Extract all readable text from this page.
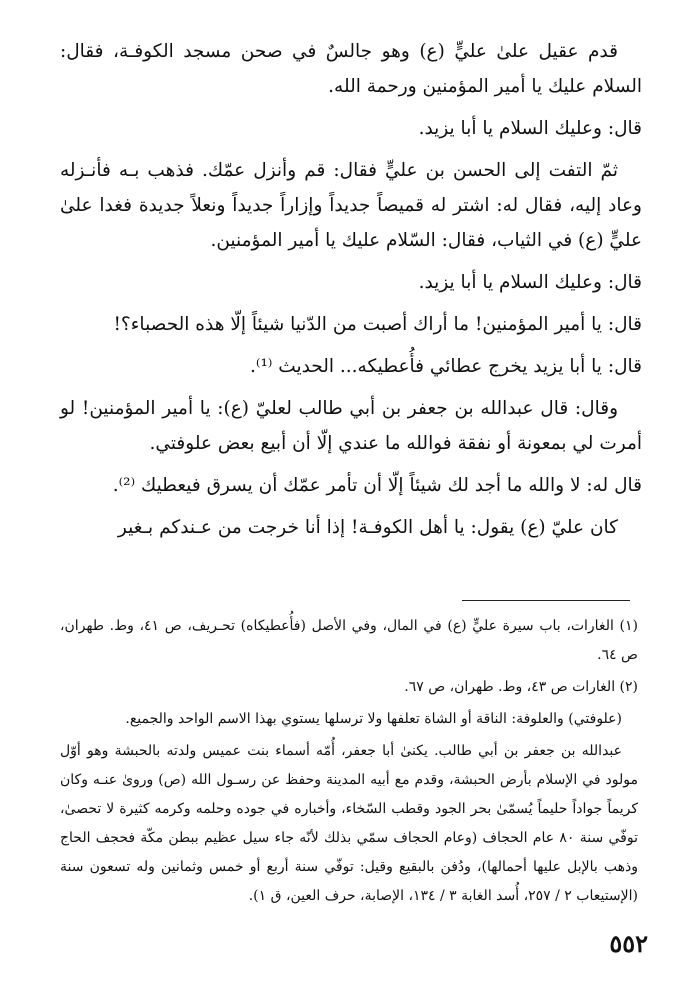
قدم عقيل علىٰ عليٍّ (ع) وهو جالسٌ في صحن مسجد الكوفـة، فقال: السلام عليك يا أمير المؤمنين ورحمة الله.

قال: وعليك السلام يا أبا يزيد.

ثمّ التفت إلى الحسن بن عليٍّ فقال: قم وأنزل عمّك. فذهب بـه فأنـزله وعاد إليه، فقال له: اشتر له قميصاً جديداً وإزاراً جديداً ونعلاً جديدة فغدا علىٰ عليٍّ (ع) في الثياب، فقال: السّلام عليك يا أمير المؤمنين.

قال: وعليك السلام يا أبا يزيد.

قال: يا أمير المؤمنين! ما أراك أصبت من الدّنيا شيئاً إلّا هذه الحصباء؟!

قال: يا أبا يزيد يخرج عطائي فأُعطيكه... الحديث ⁽¹⁾.

وقال: قال عبدالله بن جعفر بن أبي طالب لعليّ (ع): يا أمير المؤمنين! لو أمرت لي بمعونة أو نفقة فوالله ما عندي إلّا أن أبيع بعض علوفتي.

قال له: لا والله ما أجد لك شيئاً إلّا أن تأمر عمّك أن يسرق فيعطيك ⁽²⁾.

كان عليّ (ع) يقول: يا أهل الكوفـة! إذا أنا خرجت من عـندكم بـغير

(١) الغارات، باب سيرة عليٍّ (ع) في المال، وفي الأصل (فأُعطيكاه) تحـريف، ص ٤١، وط. طهران، ص ٦٤.

(٢) الغارات ص ٤٣، وط. طهران، ص ٦٧.

(علوفتي) والعلوفة: الناقة أو الشاة تعلفها ولا ترسلها يستوي بهذا الاسم الواحد والجميع.

عبدالله بن جعفر بن أبي طالب. يكنىٰ أبا جعفر، أُمّه أسماء بنت عميس ولدته بالحبشة وهو أوّل مولود في الإسلام بأرض الحبشة، وقدم مع أبيه المدينة وحفظ عن رسـول الله (ص) وروىٰ عنـه وكان كريماً جواداً حليماً يُسمّىٰ بحر الجود وقطب السّخاء، وأخباره في جوده وحلمه وكرمه كثيرة لا تحصىٰ، توفّي سنة ٨٠ عام الحجاف (وعام الحجاف سمّي بذلك لأنّه جاء سيل عظيم ببطن مكّة فحجف الحاج وذهب بالإبل عليها أحمالها)، ودُفن بالبقيع وقيل: توفّي سنة أربع أو خمس وثمانين وله تسعون سنة (الإستيعاب ٢ / ٢٥٧، أُسد الغابة ٣ / ١٣٤، الإصابة، حرف العين، ق ١).

٥٥٢
